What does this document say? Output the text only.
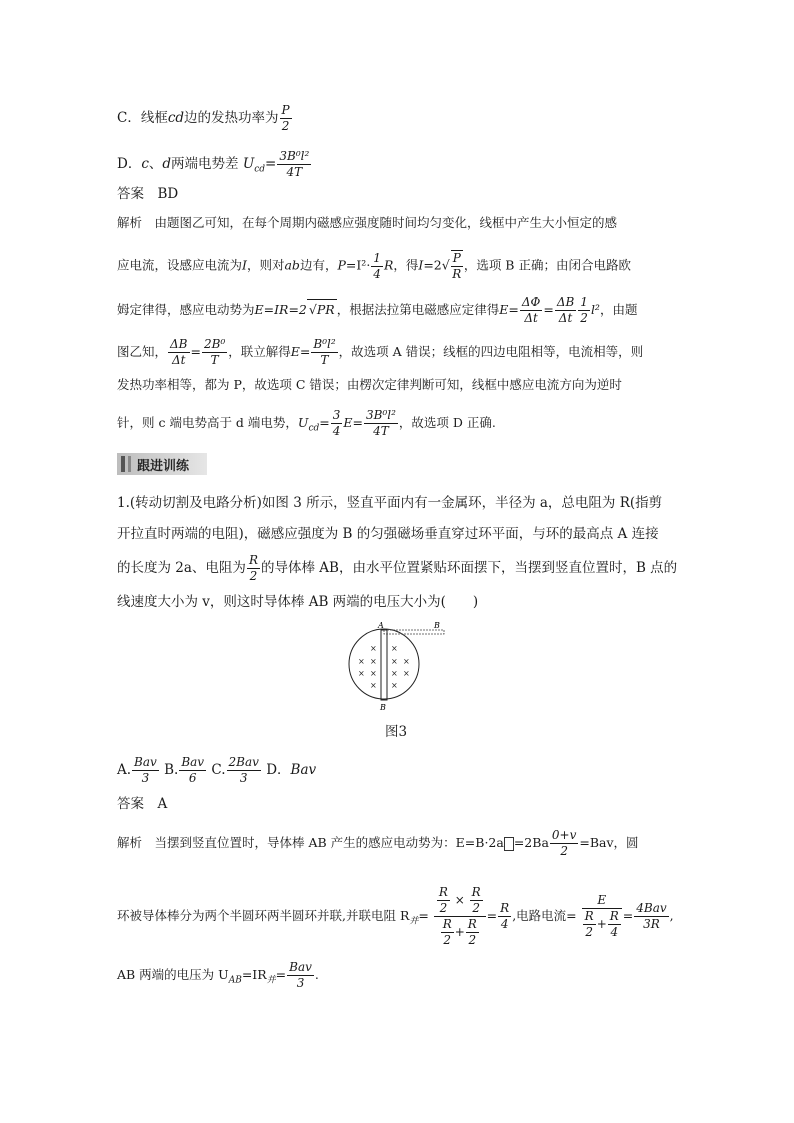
C．线框cd边的发热功率为 $\frac{P}{2}$
D．c、d两端电势差 $U_{cd}= \frac{\text{3B⁰l²}}{4T}$
答案　 BD
解析　由题图乙可知，在每个周期内磁感应强度随时间均匀变化，线框中产生大小恒定的感
应电流，设感应电流为I，则对ab边有，$P=I^2\cdot \frac{1}{4}$ R，得$I=2√ \frac{P}{R}$ ，选项 B 正确；由闭合电路欧
姆定律得，感应电动势为E=IR=2 √PR ，根据法拉第电磁感应定律得$E= \frac{\Delta\Phi}{\Delta t} = \frac{\Delta B}{\Delta t} \frac{1}{2} l^2$，由题
图乙知， $\frac{\Delta B}{\Delta t} = \frac{\text{2B⁰}}{T}$ ，联立解得$E= \frac{\text{B⁰l²}}{T}$ ，故选项 A 错误；线框的四边电阻相等，电流相等，则
发热功率相等，都为 P，故选项 C 错误；由楞次定律判断可知，线框中感应电流方向为逆时
针，则 c 端电势高于 d 端电势，$U_{cd}= \frac{3}{4} E= \frac{\text{3B⁰l²}}{4T}$ ，故选项 D 正确.
跟进训练
1.(转动切割及电路分析)如图 3 所示，竖直平面内有一金属环，半径为 a，总电阻为 R(指剪
开拉直时两端的电阻)，磁感应强度为 B 的匀强磁场垂直穿过环平面，与环的最高点 A 连接
的长度为 2a、电阻为 $\frac{R}{2}$ 的导体棒 AB，由水平位置紧贴环面摆下，当摆到竖直位置时，B 点的
线速度大小为 v，则这时导体棒 AB 两端的电压大小为(　　)
A	B
B
× ×
× × × ×
× × × ×
× ×
图3
A. $\frac{\text{Bav}}{3} B$. $\frac{\text{Bav}}{6} C$. $\frac{\text{2Bav}}{3}$ D．Bav
答案　 A
解析　当摆到竖直位置时，导体棒 AB 产生的感应电动势为：$E=B\cdot 2a =2Ba \frac{0+v}{2} =Bav$，圆
环被导体棒分为两个半圆环两半圆环并联,并联电阻 $R_并= \frac{\frac{R}{2} \times \frac{R}{2}}{\frac{R}{2} + \frac{R}{2}} = \frac{R}{4}$ ,电路电流= $\frac{E}{\frac{R}{2} + \frac{R}{4}} = \frac{\text{4Bav}}{3R}$ ,
AB 两端的电压为 $U_{AB}=IR_并= \frac{\text{Bav}}{3}$ .
